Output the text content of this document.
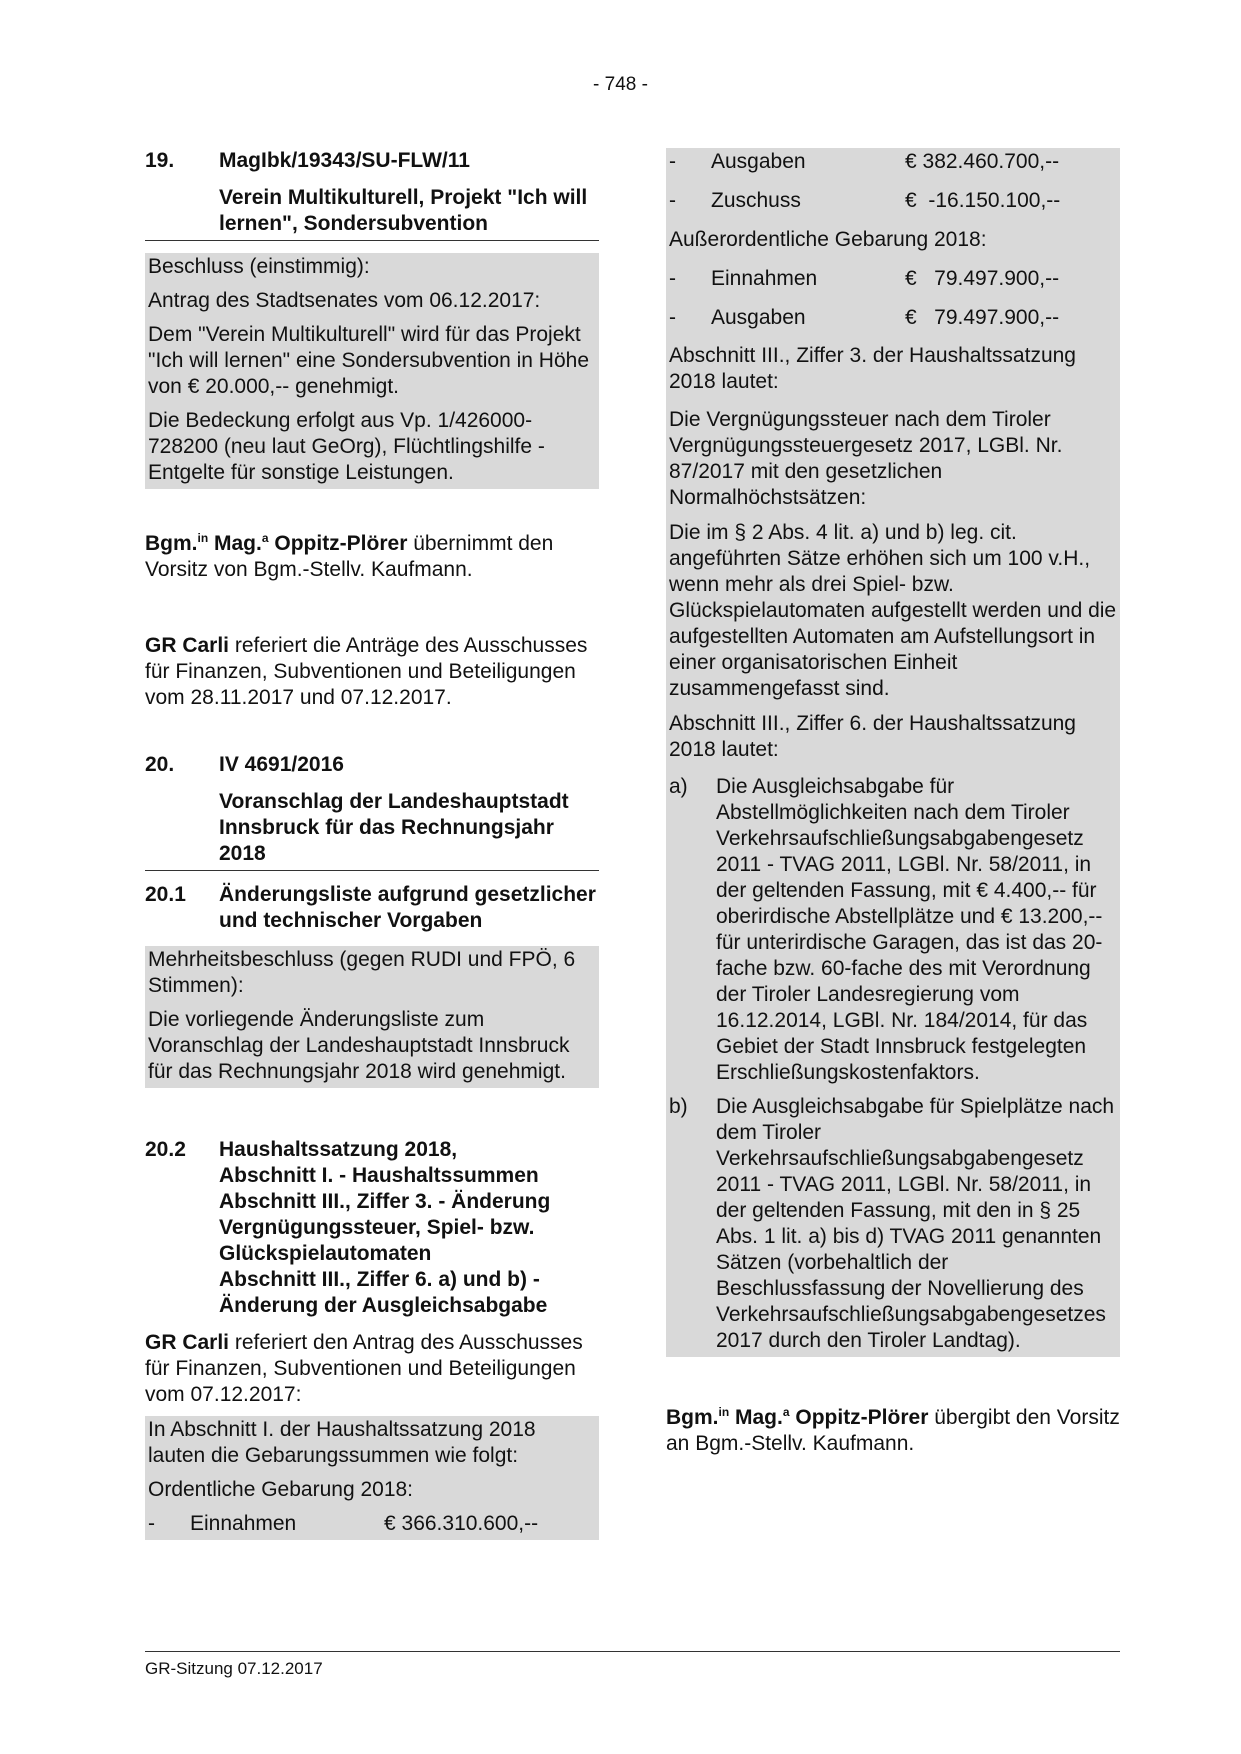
- 748 -
19.	MagIbk/19343/SU-FLW/11
Verein Multikulturell, Projekt "Ich will lernen", Sondersubvention

Beschluss (einstimmig):

Antrag des Stadtsenates vom 06.12.2017:

Dem "Verein Multikulturell" wird für das Projekt "Ich will lernen" eine Sondersubvention in Höhe von € 20.000,-- genehmigt.

Die Bedeckung erfolgt aus Vp. 1/426000-728200 (neu laut GeOrg), Flüchtlingshilfe - Entgelte für sonstige Leistungen.

Bgm.$^{in}$ Mag.$^a$ Oppitz-Plörer übernimmt den Vorsitz von Bgm.-Stellv. Kaufmann.

GR Carli referiert die Anträge des Ausschusses für Finanzen, Subventionen und Beteiligungen vom 28.11.2017 und 07.12.2017.

20.	IV 4691/2016
Voranschlag der Landeshauptstadt Innsbruck für das Rechnungsjahr 2018
20.1	Änderungsliste aufgrund gesetzlicher und technischer Vorgaben

Mehrheitsbeschluss (gegen RUDI und FPÖ, 6 Stimmen):

Die vorliegende Änderungsliste zum Voranschlag der Landeshauptstadt Innsbruck für das Rechnungsjahr 2018 wird genehmigt.

20.2	Haushaltssatzung 2018,
Abschnitt I. - Haushaltssummen
Abschnitt III., Ziffer 3. - Änderung Vergnügungssteuer, Spiel- bzw. Glückspielautomaten
Abschnitt III., Ziffer 6. a) und b) - Änderung der Ausgleichsabgabe

GR Carli referiert den Antrag des Ausschusses für Finanzen, Subventionen und Beteiligungen vom 07.12.2017:

In Abschnitt I. der Haushaltssatzung 2018 lauten die Gebarungssummen wie folgt:

Ordentliche Gebarung 2018:

-	Einnahmen	€ 366.310.600,--
-	Ausgaben	€ 382.460.700,--
-	Zuschuss	€  -16.150.100,--

Außerordentliche Gebarung 2018:

-	Einnahmen	€   79.497.900,--
-	Ausgaben	€   79.497.900,--

Abschnitt III., Ziffer 3. der Haushaltssatzung 2018 lautet:

Die Vergnügungssteuer nach dem Tiroler Vergnügungssteuergesetz 2017, LGBl. Nr. 87/2017 mit den gesetzlichen Normalhöchstsätzen:

Die im § 2 Abs. 4 lit. a) und b) leg. cit. angeführten Sätze erhöhen sich um 100 v.H., wenn mehr als drei Spiel- bzw. Glückspielautomaten aufgestellt werden und die aufgestellten Automaten am Aufstellungsort in einer organisatorischen Einheit zusammengefasst sind.

Abschnitt III., Ziffer 6. der Haushaltssatzung 2018 lautet:

a)	Die Ausgleichsabgabe für Abstellmöglichkeiten nach dem Tiroler Verkehrsaufschließungsabgabengesetz 2011 - TVAG 2011, LGBl. Nr. 58/2011, in der geltenden Fassung, mit € 4.400,-- für oberirdische Abstellplätze und € 13.200,-- für unterirdische Garagen, das ist das 20-fache bzw. 60-fache des mit Verordnung der Tiroler Landesregierung vom 16.12.2014, LGBl. Nr. 184/2014, für das Gebiet der Stadt Innsbruck festgelegten Erschließungskostenfaktors.
b)	Die Ausgleichsabgabe für Spielplätze nach dem Tiroler Verkehrsaufschließungsabgabengesetz 2011 - TVAG 2011, LGBl. Nr. 58/2011, in der geltenden Fassung, mit den in § 25 Abs. 1 lit. a) bis d) TVAG 2011 genannten Sätzen (vorbehaltlich der Beschlussfassung der Novellierung des Verkehrsaufschließungsabgabengesetzes 2017 durch den Tiroler Landtag).

Bgm.$^{in}$ Mag.$^a$ Oppitz-Plörer übergibt den Vorsitz an Bgm.-Stellv. Kaufmann.

GR-Sitzung 07.12.2017
